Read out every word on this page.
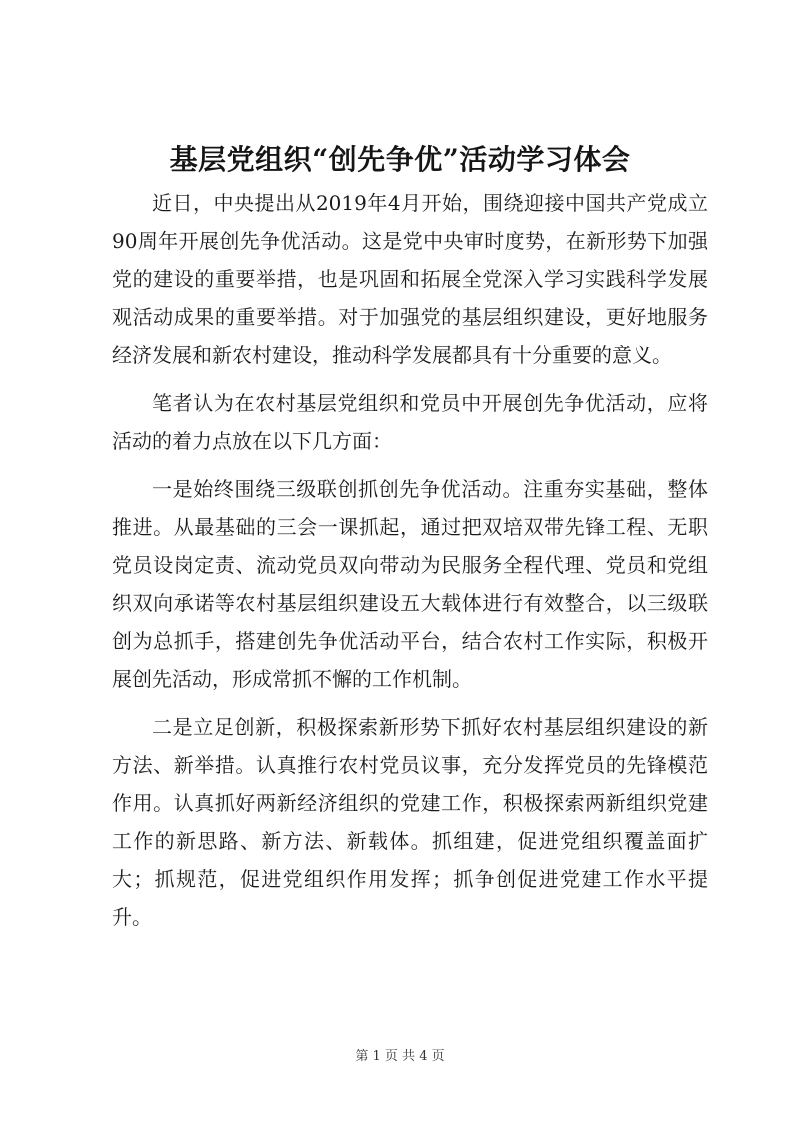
基层党组织“创先争优”活动学习体会

近日，中央提出从2019年4月开始，围绕迎接中国共产党成立90周年开展创先争优活动。这是党中央审时度势，在新形势下加强党的建设的重要举措，也是巩固和拓展全党深入学习实践科学发展观活动成果的重要举措。对于加强党的基层组织建设，更好地服务经济发展和新农村建设，推动科学发展都具有十分重要的意义。

笔者认为在农村基层党组织和党员中开展创先争优活动，应将活动的着力点放在以下几方面：

一是始终围绕三级联创抓创先争优活动。注重夯实基础，整体推进。从最基础的三会一课抓起，通过把双培双带先锋工程、无职党员设岗定责、流动党员双向带动为民服务全程代理、党员和党组织双向承诺等农村基层组织建设五大载体进行有效整合，以三级联创为总抓手，搭建创先争优活动平台，结合农村工作实际，积极开展创先活动，形成常抓不懈的工作机制。

二是立足创新，积极探索新形势下抓好农村基层组织建设的新方法、新举措。认真推行农村党员议事，充分发挥党员的先锋模范作用。认真抓好两新经济组织的党建工作，积极探索两新组织党建工作的新思路、新方法、新载体。抓组建，促进党组织覆盖面扩大；抓规范，促进党组织作用发挥；抓争创促进党建工作水平提升。

第 1 页 共 4 页
